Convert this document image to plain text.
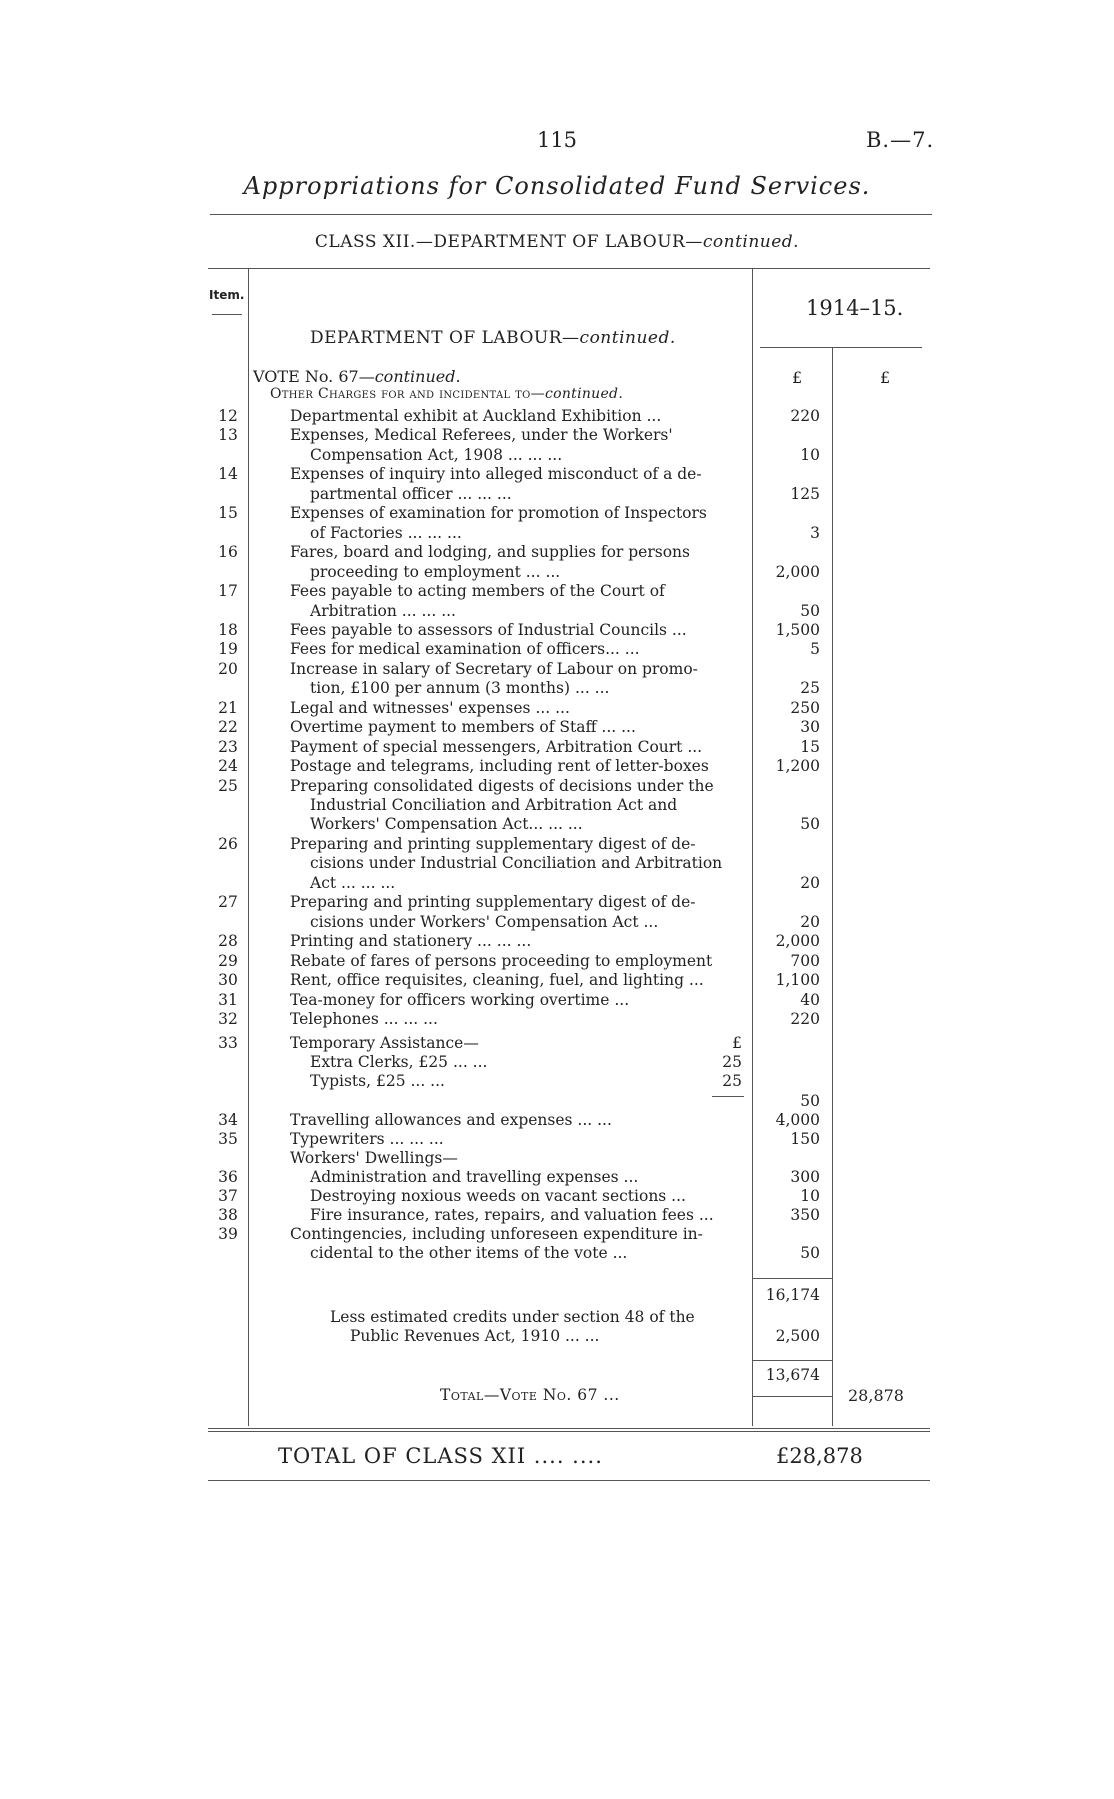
115	B.—7.
Appropriations for Consolidated Fund Services.
CLASS XII.—DEPARTMENT OF LABOUR—continued.
Item.
1914–15.
DEPARTMENT OF LABOUR—continued.
£	£
VOTE No. 67—continued.
Other Charges for and incidental to—continued.
12	Departmental exhibit at Auckland Exhibition ...	220
13	Expenses, Medical Referees, under the Workers'
Compensation Act, 1908 ... ... ...	10
14	Expenses of inquiry into alleged misconduct of a de-
partmental officer ... ... ...	125
15	Expenses of examination for promotion of Inspectors
of Factories ... ... ...	3
16	Fares, board and lodging, and supplies for persons
proceeding to employment ... ...	2,000
17	Fees payable to acting members of the Court of
Arbitration ... ... ...	50
18	Fees payable to assessors of Industrial Councils ...	1,500
19	Fees for medical examination of officers... ...	5
20	Increase in salary of Secretary of Labour on promo-
tion, £100 per annum (3 months) ... ...	25
21	Legal and witnesses' expenses ... ...	250
22	Overtime payment to members of Staff ... ...	30
23	Payment of special messengers, Arbitration Court ...	15
24	Postage and telegrams, including rent of letter-boxes	1,200
25	Preparing consolidated digests of decisions under the
Industrial Conciliation and Arbitration Act and
Workers' Compensation Act... ... ...	50
26	Preparing and printing supplementary digest of de-
cisions under Industrial Conciliation and Arbitration
Act ... ... ...	20
27	Preparing and printing supplementary digest of de-
cisions under Workers' Compensation Act ...	20
28	Printing and stationery ... ... ...	2,000
29	Rebate of fares of persons proceeding to employment	700
30	Rent, office requisites, cleaning, fuel, and lighting ...	1,100
31	Tea-money for officers working overtime ...	40
32	Telephones ... ... ...	220
33	Temporary Assistance—	£
Extra Clerks, £25 ... ...	25
Typists, £25 ... ...	25
50
34	Travelling allowances and expenses ... ...	4,000
35	Typewriters ... ... ...	150
Workers' Dwellings—
36	Administration and travelling expenses ...	300
37	Destroying noxious weeds on vacant sections ...	10
38	Fire insurance, rates, repairs, and valuation fees ...	350
39	Contingencies, including unforeseen expenditure in-
cidental to the other items of the vote ...	50
16,174
Less estimated credits under section 48 of the
Public Revenues Act, 1910 ... ...	2,500
13,674
Total—Vote No. 67 ...	28,878
TOTAL OF CLASS XII .... ....	£28,878
